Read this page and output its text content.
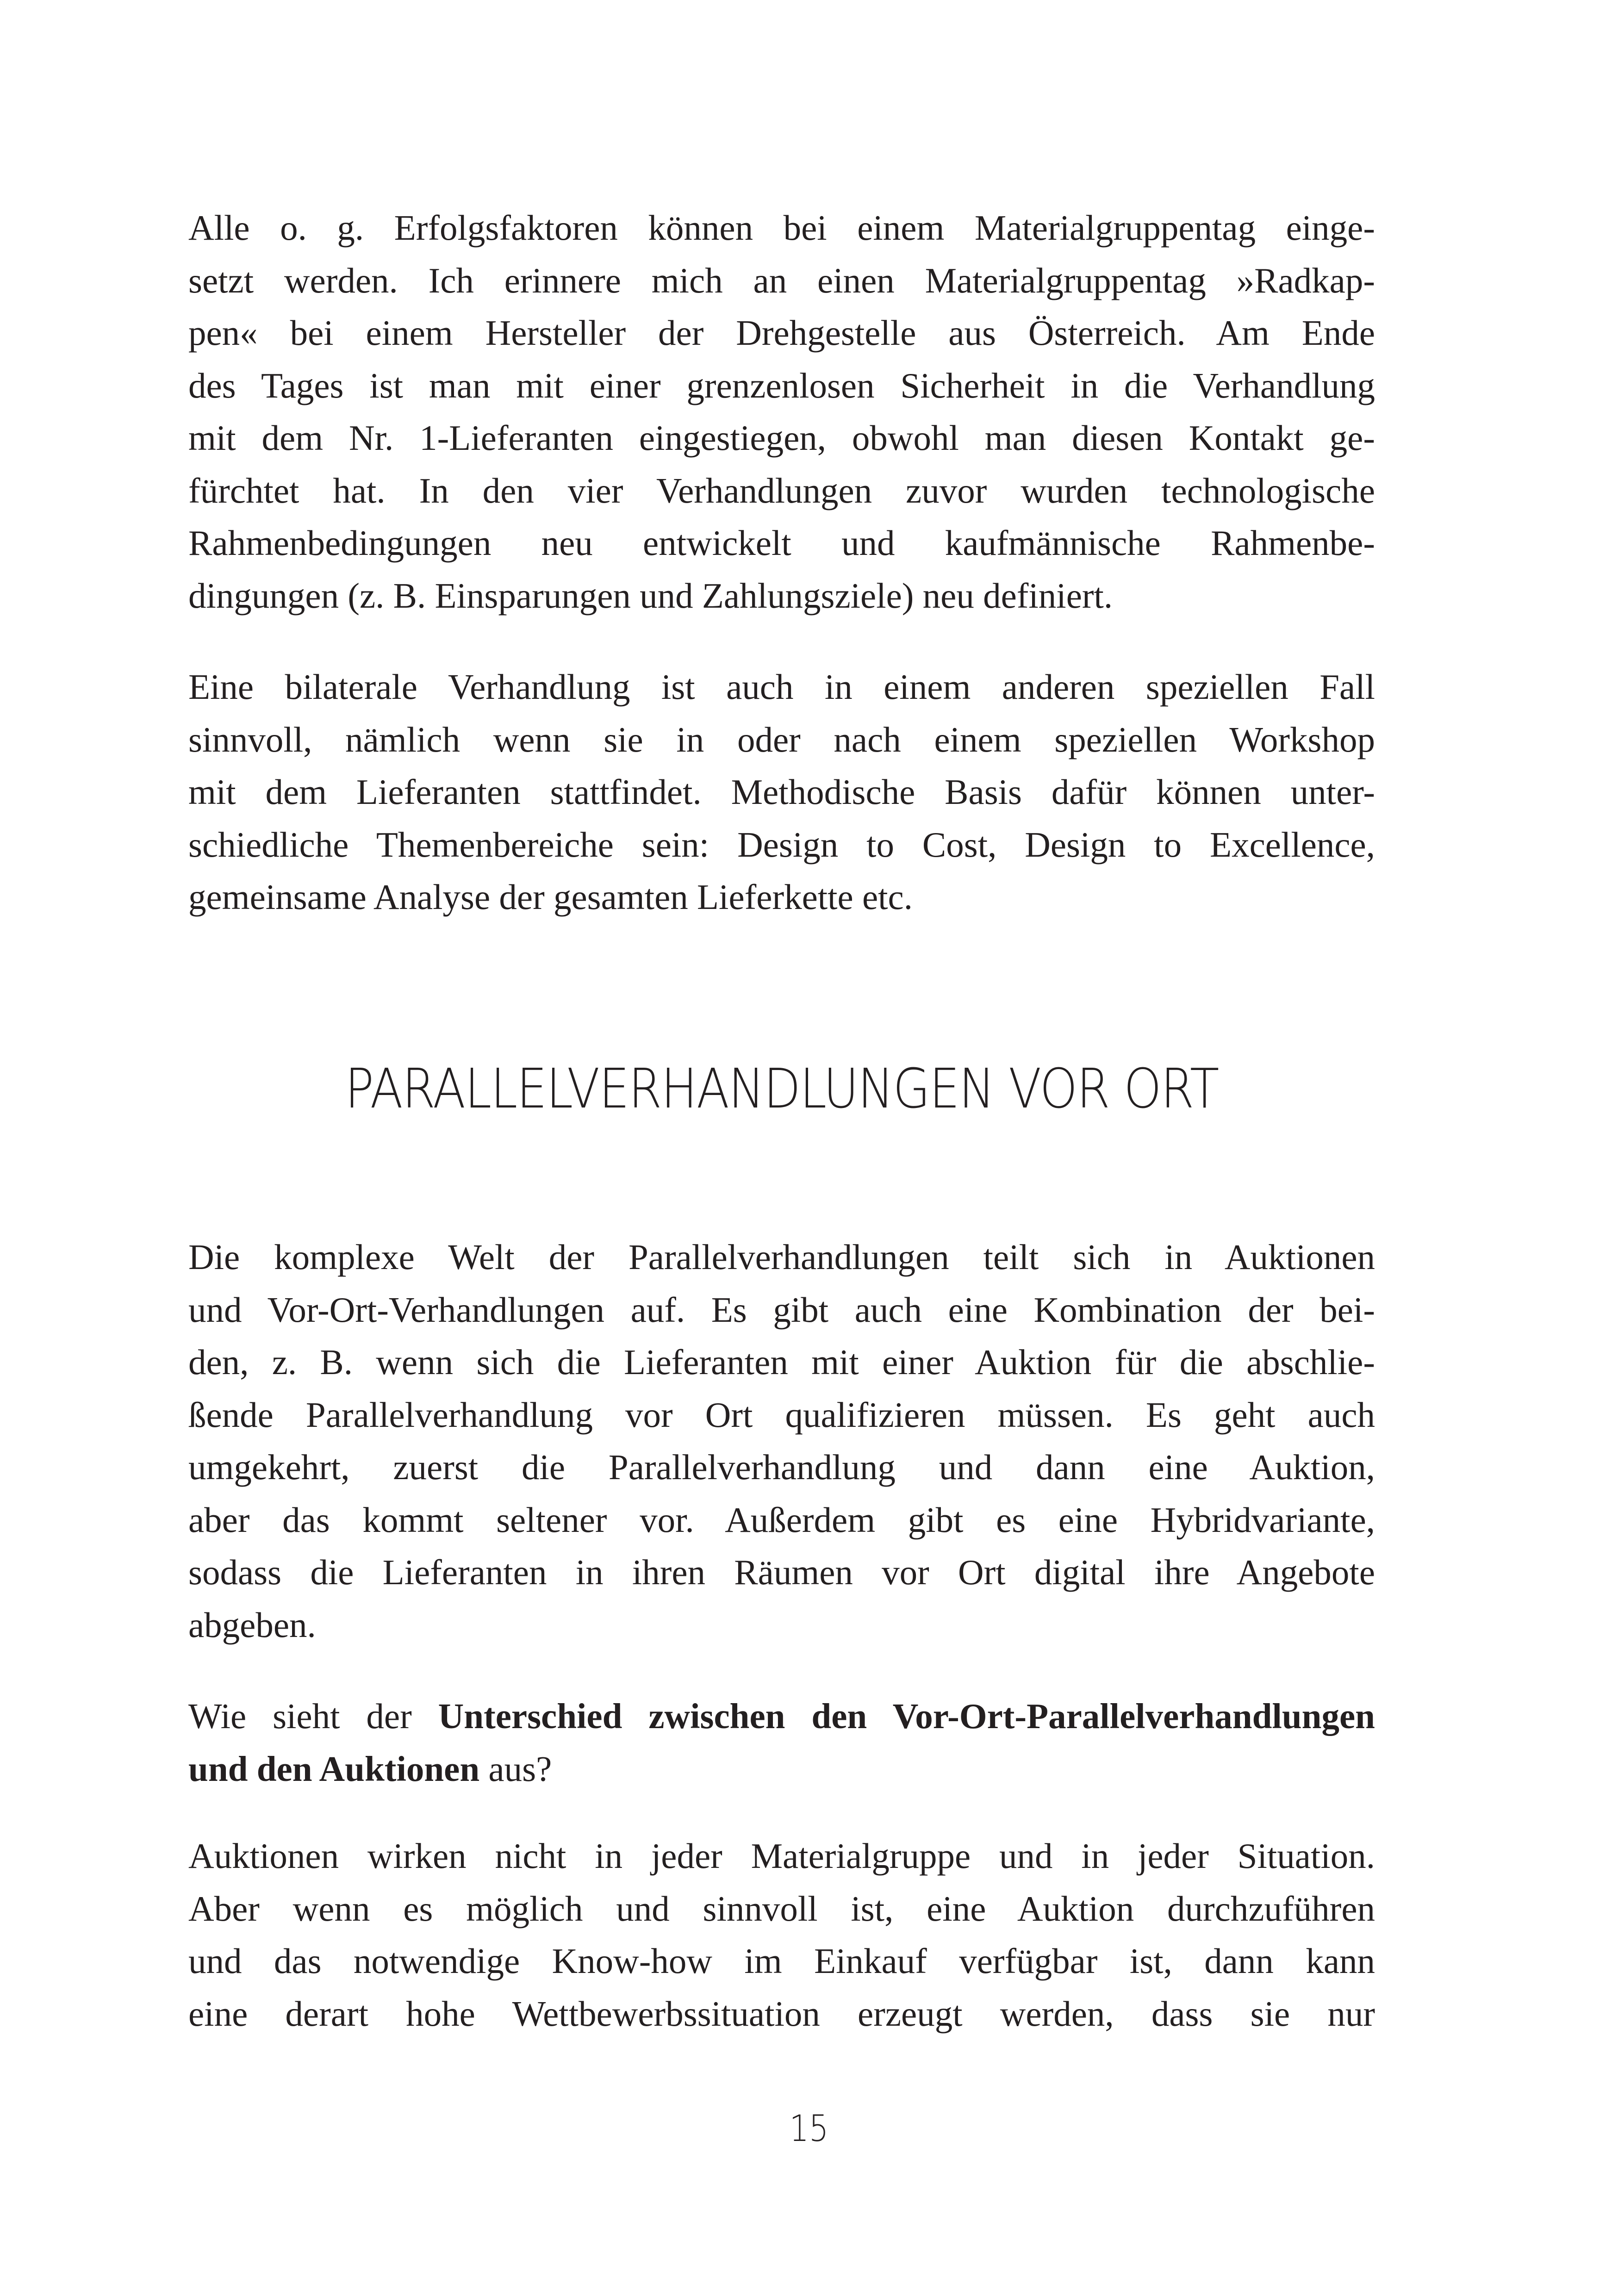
Alle o. g. Erfolgsfaktoren können bei einem Materialgruppentag einge-
setzt werden. Ich erinnere mich an einen Materialgruppentag »Radkap-
pen« bei einem Hersteller der Drehgestelle aus Österreich. Am Ende
des Tages ist man mit einer grenzenlosen Sicherheit in die Verhandlung
mit dem Nr. 1-Lieferanten eingestiegen, obwohl man diesen Kontakt ge-
fürchtet hat. In den vier Verhandlungen zuvor wurden technologische
Rahmenbedingungen neu entwickelt und kaufmännische Rahmenbe-
dingungen (z. B. Einsparungen und Zahlungsziele) neu definiert.
Eine bilaterale Verhandlung ist auch in einem anderen speziellen Fall
sinnvoll, nämlich wenn sie in oder nach einem speziellen Workshop
mit dem Lieferanten stattfindet. Methodische Basis dafür können unter-
schiedliche Themenbereiche sein: Design to Cost, Design to Excellence,
gemeinsame Analyse der gesamten Lieferkette etc.
PARALLELVERHANDLUNGEN VOR ORT
Die komplexe Welt der Parallelverhandlungen teilt sich in Auktionen
und Vor-Ort-Verhandlungen auf. Es gibt auch eine Kombination der bei-
den, z. B. wenn sich die Lieferanten mit einer Auktion für die abschlie-
ßende Parallelverhandlung vor Ort qualifizieren müssen. Es geht auch
umgekehrt, zuerst die Parallelverhandlung und dann eine Auktion,
aber das kommt seltener vor. Außerdem gibt es eine Hybridvariante,
sodass die Lieferanten in ihren Räumen vor Ort digital ihre Angebote
abgeben.
Wie sieht der Unterschied zwischen den Vor-Ort-Parallelverhandlungen
und den Auktionen aus?
Auktionen wirken nicht in jeder Materialgruppe und in jeder Situation.
Aber wenn es möglich und sinnvoll ist, eine Auktion durchzuführen
und das notwendige Know-how im Einkauf verfügbar ist, dann kann
eine derart hohe Wettbewerbssituation erzeugt werden, dass sie nur
15
